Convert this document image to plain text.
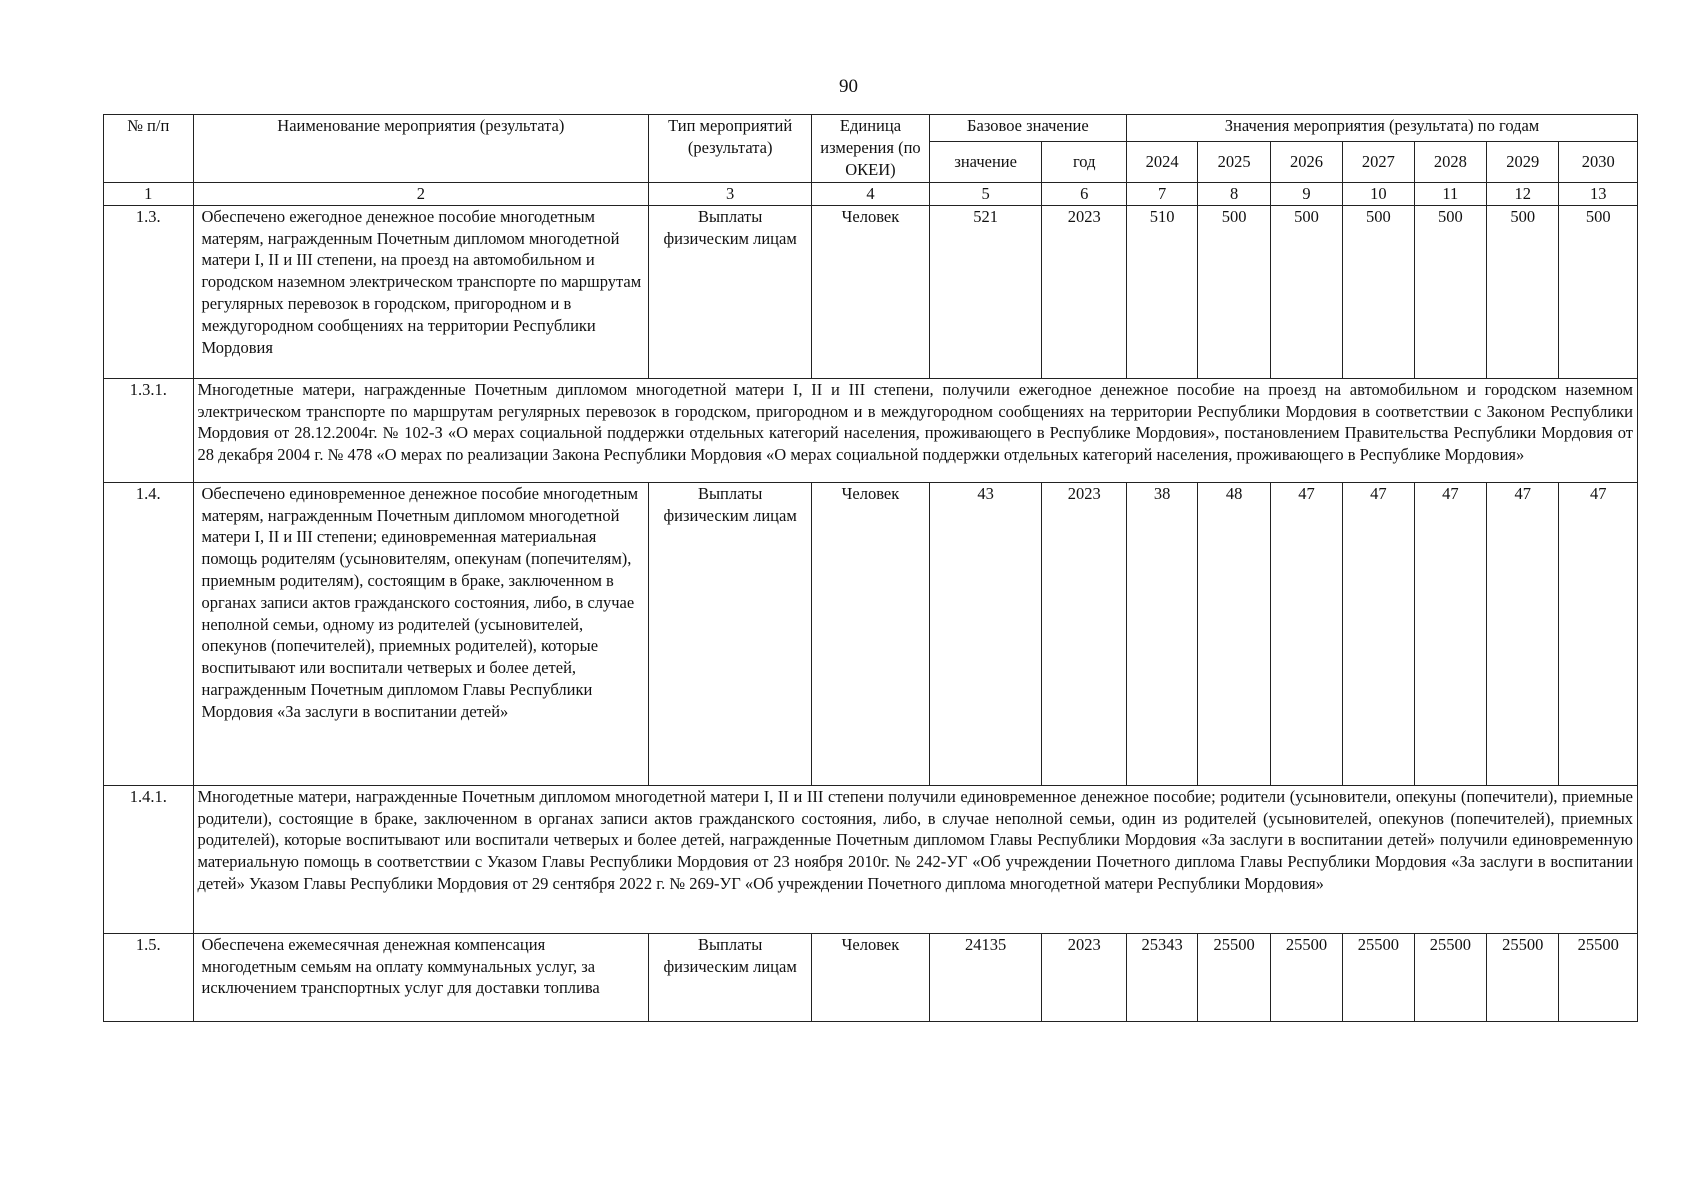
90
№ п/п	Наименование мероприятия (результата)	Тип мероприятий (результата)	Единица измерения (по ОКЕИ)	Базовое значение		Значения мероприятия (результата) по годам						
				значение	год	2024	2025	2026	2027	2028	2029	2030
1	2	3	4	5	6	7	8	9	10	11	12	13
1.3.	Обеспечено ежегодное денежное пособие многодетным матерям, награжденным Почетным дипломом многодетной матери I, II и III степени, на проезд на автомобильном и городском наземном электрическом транспорте по маршрутам регулярных перевозок в городском, пригородном и в междугородном сообщениях на территории Республики Мордовия	Выплаты физическим лицам	Человек	521	2023	510	500	500	500	500	500	500
1.3.1.	Многодетные матери, награжденные Почетным дипломом многодетной матери I, II и III степени, получили ежегодное денежное пособие на проезд на автомобильном и городском наземном электрическом транспорте по маршрутам регулярных перевозок в городском, пригородном и в междугородном сообщениях на территории Республики Мордовия в соответствии с Законом Республики Мордовия от 28.12.2004г. № 102-З «О мерах социальной поддержки отдельных категорий населения, проживающего в Республике Мордовия», постановлением Правительства Республики Мордовия от 28 декабря 2004 г. № 478 «О мерах по реализации Закона Республики Мордовия «О мерах социальной поддержки отдельных категорий населения, проживающего в Республике Мордовия»											
1.4.	Обеспечено единовременное денежное пособие многодетным матерям, награжденным Почетным дипломом многодетной матери I, II и III степени; единовременная материальная помощь родителям (усыновителям, опекунам (попечителям), приемным родителям), состоящим в браке, заключенном в органах записи актов гражданского состояния, либо, в случае неполной семьи, одному из родителей (усыновителей, опекунов (попечителей), приемных родителей), которые воспитывают или воспитали четверых и более детей, награжденным Почетным дипломом Главы Республики Мордовия «За заслуги в воспитании детей»	Выплаты физическим лицам	Человек	43	2023	38	48	47	47	47	47	47
1.4.1.	Многодетные матери, награжденные Почетным дипломом многодетной матери I, II и III степени получили единовременное денежное пособие; родители (усыновители, опекуны (попечители), приемные родители), состоящие в браке, заключенном в органах записи актов гражданского состояния, либо, в случае неполной семьи, один из родителей (усыновителей, опекунов (попечителей), приемных родителей), которые воспитывают или воспитали четверых и более детей, награжденные Почетным дипломом Главы Республики Мордовия «За заслуги в воспитании детей» получили единовременную материальную помощь в соответствии с Указом Главы Республики Мордовия от 23 ноября 2010г. № 242-УГ «Об учреждении Почетного диплома Главы Республики Мордовия «За заслуги в воспитании детей» Указом Главы Республики Мордовия от 29 сентября 2022 г. № 269-УГ «Об учреждении Почетного диплома многодетной матери Республики Мордовия»											
1.5.	Обеспечена ежемесячная денежная компенсация многодетным семьям на оплату коммунальных услуг, за исключением транспортных услуг для доставки топлива	Выплаты физическим лицам	Человек	24135	2023	25343	25500	25500	25500	25500	25500	25500
